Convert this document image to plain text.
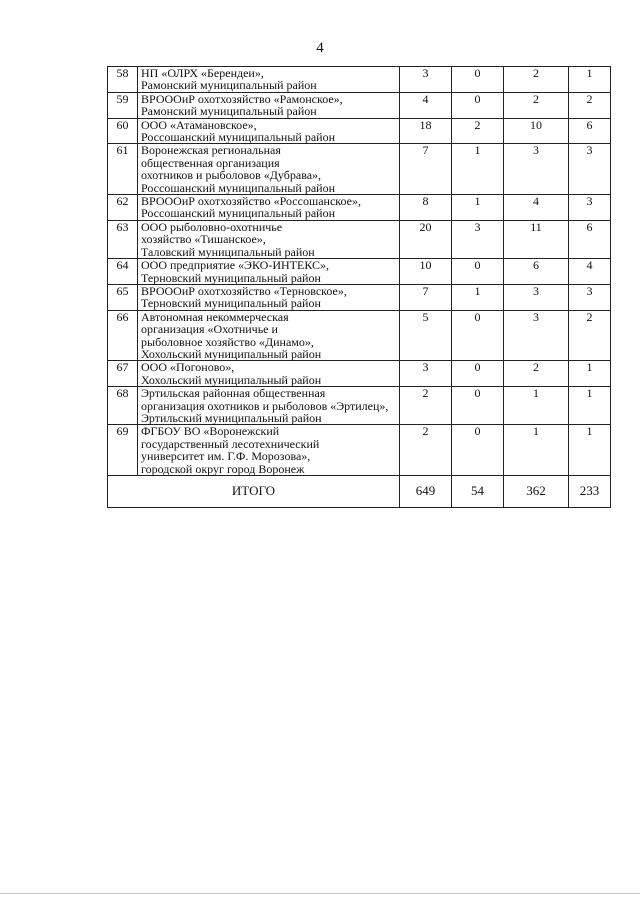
4
58	НП «ОЛРХ «Берендеи»,
Рамонский муниципальный район	3	0	2	1
59	ВРОООиР охотхозяйство «Рамонское»,
Рамонский муниципальный район	4	0	2	2
60	ООО «Атамановское»,
Россошанский муниципальный район	18	2	10	6
61	Воронежская региональная
общественная организация
охотников и рыболовов «Дубрава»,
Россошанский муниципальный район	7	1	3	3
62	ВРОООиР охотхозяйство «Россошанское»,
Россошанский муниципальный район	8	1	4	3
63	ООО рыболовно-охотничье
хозяйство «Тишанское»,
Таловский муниципальный район	20	3	11	6
64	ООО предприятие «ЭКО-ИНТЕКС»,
Терновский муниципальный район	10	0	6	4
65	ВРОООиР охотхозяйство «Терновское»,
Терновский муниципальный район	7	1	3	3
66	Автономная некоммерческая
организация «Охотничье и
рыболовное хозяйство «Динамо»,
Хохольский муниципальный район	5	0	3	2
67	ООО «Погоново»,
Хохольский муниципальный район	3	0	2	1
68	Эртильская районная общественная
организация охотников и рыболовов «Эртилец»,
Эртильский муниципальный район	2	0	1	1
69	ФГБОУ ВО «Воронежский
государственный лесотехнический
университет им. Г.Ф. Морозова»,
городской округ город Воронеж	2	0	1	1
ИТОГО		649	54	362	233
